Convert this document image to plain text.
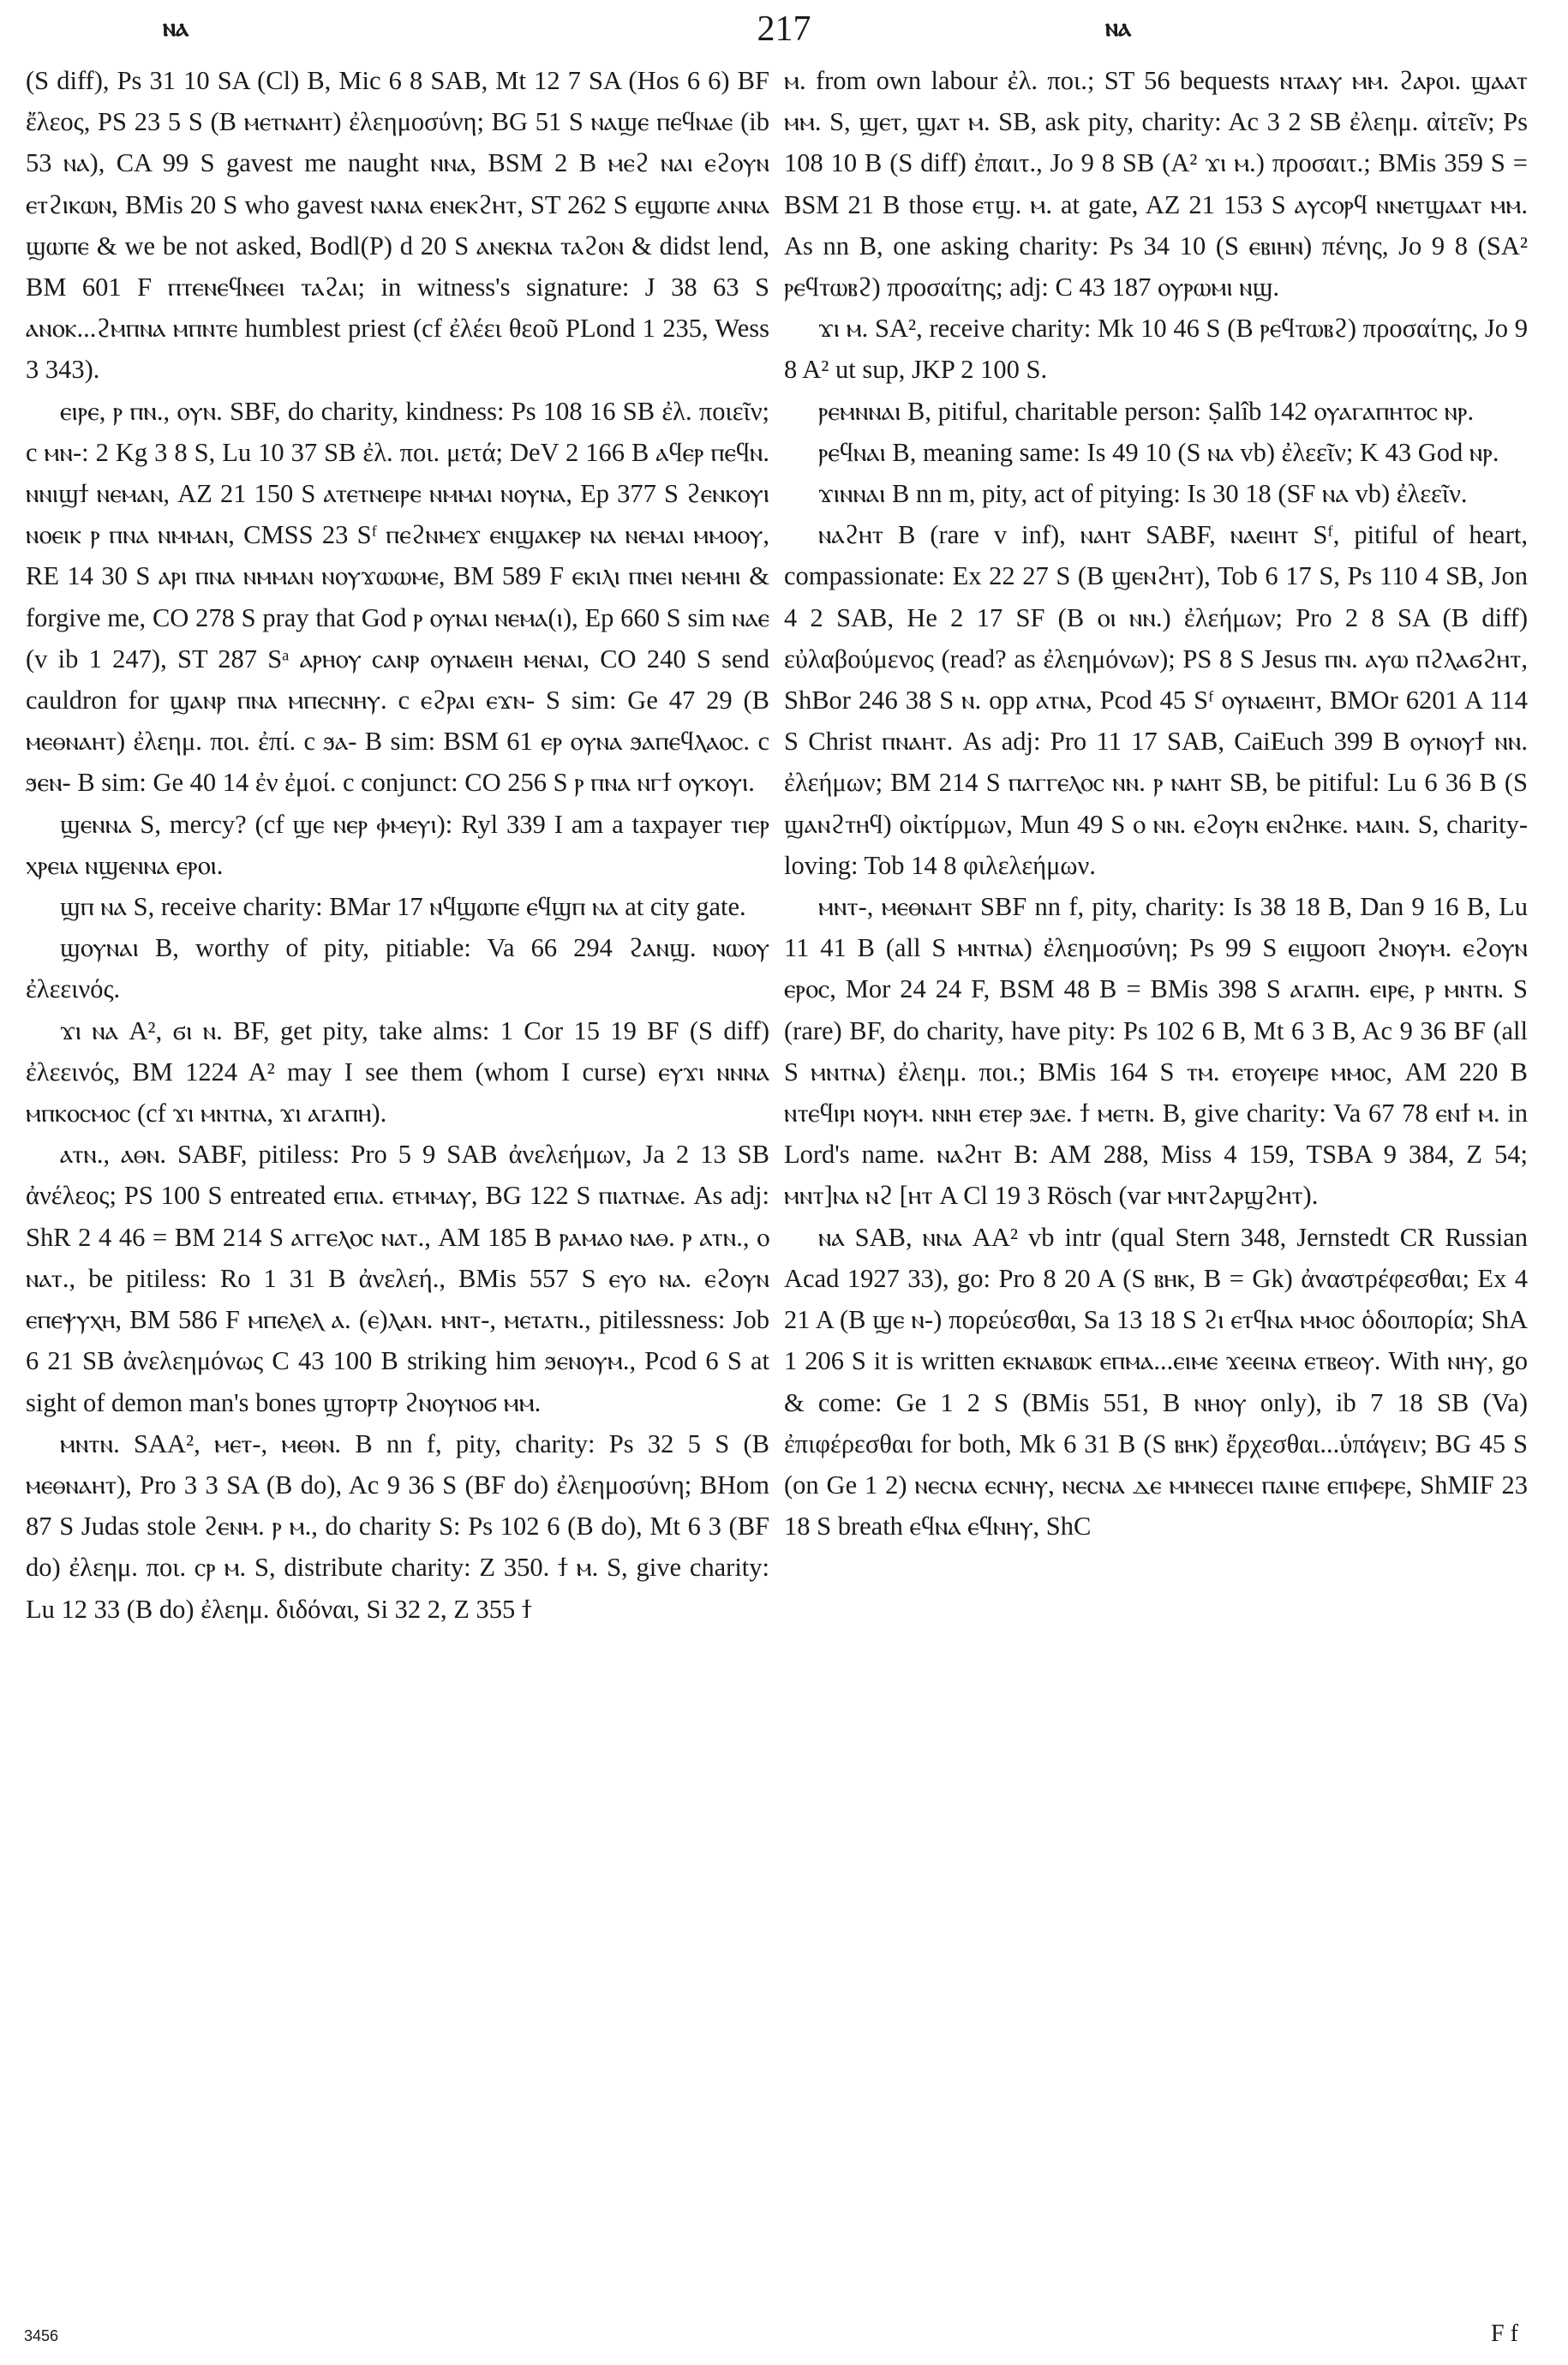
ⲛⲁ	217	ⲛⲁ

(S diff), Ps 31 10 SA (Cl) B, Mic 6 8 SAB, Mt 12 7 SA (Hos 6 6) BF ἔλεος, PS 23 5 S (B ⲙⲉⲧⲛⲁⲏⲧ) ἐλεημοσύνη; BG 51 S ⲛⲁϣⲉ ⲡⲉϥⲛⲁⲉ (ib 53 ⲛⲁ), CA 99 S gavest me naught ⲛⲛⲁ, BSM 2 B ⲙⲉϩ ⲛⲁⲓ ⲉϩⲟⲩⲛ ⲉⲧϩⲓⲕⲱⲛ, BMis 20 S who gavest ⲛⲁⲛⲁ ⲉⲛⲉⲕϩⲏⲧ, ST 262 S ⲉϣⲱⲡⲉ ⲁⲛⲛⲁ ϣⲱⲡⲉ & we be not asked, Bodl(P) d 20 S ⲁⲛⲉⲕⲛⲁ ⲧⲁϩⲟⲛ & didst lend, BM 601 F ⲡⲧⲉⲛⲉϥⲛⲉⲉⲓ ⲧⲁϩⲁⲓ; in witness's signature: J 38 63 S ⲁⲛⲟⲕ...ϩⲙⲡⲛⲁ ⲙⲡⲛⲧⲉ humblest priest (cf ἐλέει θεοῦ PLond 1 235, Wess 3 343).

ⲉⲓⲣⲉ, ⲣ ⲡⲛ., ⲟⲩⲛ. SBF, do charity, kindness: Ps 108 16 SB ἐλ. ποιεῖν; c ⲙⲛ-: 2 Kg 3 8 S, Lu 10 37 SB ἐλ. ποι. μετά; DeV 2 166 B ⲁϥⲉⲣ ⲡⲉϥⲛ. ⲛⲛⲓϣϯ ⲛⲉⲙⲁⲛ, AZ 21 150 S ⲁⲧⲉⲧⲛⲉⲓⲣⲉ ⲛⲙⲙⲁⲓ ⲛⲟⲩⲛⲁ, Ep 377 S ϩⲉⲛⲕⲟⲩⲓ ⲛⲟⲉⲓⲕ ⲣ ⲡⲛⲁ ⲛⲙⲙⲁⲛ, CMSS 23 Sᶠ ⲡⲉϩⲛⲙⲉϫ ⲉⲛϣⲁⲕⲉⲣ ⲛⲁ ⲛⲉⲙⲁⲓ ⲙⲙⲟⲟⲩ, RE 14 30 S ⲁⲣⲓ ⲡⲛⲁ ⲛⲙⲙⲁⲛ ⲛⲟⲩϫⲱⲱⲙⲉ, BM 589 F ⲉⲕⲓⲗⲓ ⲡⲛⲉⲓ ⲛⲉⲙⲏⲓ & forgive me, CO 278 S pray that God ⲣ ⲟⲩⲛⲁⲓ ⲛⲉⲙⲁ(ⲓ), Ep 660 S sim ⲛⲁⲉ (v ib 1 247), ST 287 Sᵃ ⲁⲣⲏⲟⲩ ⲥⲁⲛⲣ ⲟⲩⲛⲁⲉⲓⲏ ⲙⲉⲛⲁⲓ, CO 240 S send cauldron for ϣⲁⲛⲣ ⲡⲛⲁ ⲙⲡⲉⲥⲛⲏⲩ. c ⲉϩⲣⲁⲓ ⲉϫⲛ- S sim: Ge 47 29 (B ⲙⲉⲑⲛⲁⲏⲧ) ἐλεημ. ποι. ἐπί. c ϧⲁ- B sim: BSM 61 ⲉⲣ ⲟⲩⲛⲁ ϧⲁⲡⲉϥⲗⲁⲟⲥ. c ϧⲉⲛ- B sim: Ge 40 14 ἐν ἐμοί. c conjunct: CO 256 S ⲣ ⲡⲛⲁ ⲛⲅϯ ⲟⲩⲕⲟⲩⲓ.

ϣⲉⲛⲛⲁ S, mercy? (cf ϣⲉ ⲛⲉⲣ ⲫⲙⲉⲩⲓ): Ryl 339 I am a taxpayer ⲧⲓⲉⲣ ⲭⲣⲉⲓⲁ ⲛϣⲉⲛⲛⲁ ⲉⲣⲟⲓ.

ϣⲡ ⲛⲁ S, receive charity: BMar 17 ⲛϥϣⲱⲡⲉ ⲉϥϣⲡ ⲛⲁ at city gate.

ϣⲟⲩⲛⲁⲓ B, worthy of pity, pitiable: Va 66 294 ϩⲁⲛϣ. ⲛⲱⲟⲩ ἐλεεινός.

ϫⲓ ⲛⲁ A², ϭⲓ ⲛ. BF, get pity, take alms: 1 Cor 15 19 BF (S diff) ἐλεεινός, BM 1224 A² may I see them (whom I curse) ⲉⲩϫⲓ ⲛⲛⲛⲁ ⲙⲡⲕⲟⲥⲙⲟⲥ (cf ϫⲓ ⲙⲛⲧⲛⲁ, ϫⲓ ⲁⲅⲁⲡⲏ).

ⲁⲧⲛ., ⲁⲑⲛ. SABF, pitiless: Pro 5 9 SAB ἀνελεήμων, Ja 2 13 SB ἀνέλεος; PS 100 S entreated ⲉⲡⲓⲁ. ⲉⲧⲙⲙⲁⲩ, BG 122 S ⲡⲓⲁⲧⲛⲁⲉ. As adj: ShR 2 4 46 = BM 214 S ⲁⲅⲅⲉⲗⲟⲥ ⲛⲁⲧ., AM 185 B ⲣⲁⲙⲁⲟ ⲛⲁⲑ. ⲣ ⲁⲧⲛ., ⲟ ⲛⲁⲧ., be pitiless: Ro 1 31 B ἀνελεή., BMis 557 S ⲉⲩⲟ ⲛⲁ. ⲉϩⲟⲩⲛ ⲉⲡⲉⲯⲩⲭⲏ, BM 586 F ⲙⲡⲉⲗⲉⲗ ⲁ. (ⲉ)ⲗⲁⲛ. ⲙⲛⲧ-, ⲙⲉⲧⲁⲧⲛ., pitilessness: Job 6 21 SB ἀνελεημόνως C 43 100 B striking him ϧⲉⲛⲟⲩⲙ., Pcod 6 S at sight of demon man's bones ϣⲧⲟⲣⲧⲣ ϩⲛⲟⲩⲛⲟϭ ⲙⲙ.

ⲙⲛⲧⲛ. SAA², ⲙⲉⲧ-, ⲙⲉⲑⲛ. B nn f, pity, charity: Ps 32 5 S (B ⲙⲉⲑⲛⲁⲏⲧ), Pro 3 3 SA (B do), Ac 9 36 S (BF do) ἐλεημοσύνη; BHom 87 S Judas stole ϩⲉⲛⲙ. ⲣ ⲙ., do charity S: Ps 102 6 (B do), Mt 6 3 (BF do) ἐλεημ. ποι. ⲥⲣ ⲙ. S, distribute charity: Z 350. ϯ ⲙ. S, give charity: Lu 12 33 (B do) ἐλεημ. διδόναι, Si 32 2, Z 355 ϯ

ⲙ. from own labour ἐλ. ποι.; ST 56 bequests ⲛⲧⲁⲁⲩ ⲙⲙ. ϩⲁⲣⲟⲓ. ϣⲁⲁⲧ ⲙⲙ. S, ϣⲉⲧ, ϣⲁⲧ ⲙ. SB, ask pity, charity: Ac 3 2 SB ἐλεημ. αἰτεῖν; Ps 108 10 B (S diff) ἐπαιτ., Jo 9 8 SB (A² ϫⲓ ⲙ.) προσαιτ.; BMis 359 S = BSM 21 B those ⲉⲧϣ. ⲙ. at gate, AZ 21 153 S ⲁⲩⲥⲟⲣϥ ⲛⲛⲉⲧϣⲁⲁⲧ ⲙⲙ. As nn B, one asking charity: Ps 34 10 (S ⲉⲃⲓⲏⲛ) πένης, Jo 9 8 (SA² ⲣⲉϥⲧⲱⲃϩ) προσαίτης; adj: C 43 187 ⲟⲩⲣⲱⲙⲓ ⲛϣ.

ϫⲓ ⲙ. SA², receive charity: Mk 10 46 S (B ⲣⲉϥⲧⲱⲃϩ) προσαίτης, Jo 9 8 A² ut sup, JKP 2 100 S.

ⲣⲉⲙⲛⲛⲁⲓ B, pitiful, charitable person: Ṣalîb 142 ⲟⲩⲁⲅⲁⲡⲏⲧⲟⲥ ⲛⲣ.

ⲣⲉϥⲛⲁⲓ B, meaning same: Is 49 10 (S ⲛⲁ vb) ἐλεεῖν; K 43 God ⲛⲣ.

ϫⲓⲛⲛⲁⲓ B nn m, pity, act of pitying: Is 30 18 (SF ⲛⲁ vb) ἐλεεῖν.

ⲛⲁϩⲏⲧ B (rare v inf), ⲛⲁⲏⲧ SABF, ⲛⲁⲉⲓⲏⲧ Sᶠ, pitiful of heart, compassionate: Ex 22 27 S (B ϣⲉⲛϩⲏⲧ), Tob 6 17 S, Ps 110 4 SB, Jon 4 2 SAB, He 2 17 SF (B ⲟⲓ ⲛⲛ.) ἐλεήμων; Pro 2 8 SA (B diff) εὐλαβούμενος (read? as ἐλεημόνων); PS 8 S Jesus ⲡⲛ. ⲁⲩⲱ ⲡϩⲗⲁϭϩⲏⲧ, ShBor 246 38 S ⲛ. opp ⲁⲧⲛⲁ, Pcod 45 Sᶠ ⲟⲩⲛⲁⲉⲓⲏⲧ, BMOr 6201 A 114 S Christ ⲡⲛⲁⲏⲧ. As adj: Pro 11 17 SAB, CaiEuch 399 B ⲟⲩⲛⲟⲩϯ ⲛⲛ. ἐλεήμων; BM 214 S ⲡⲁⲅⲅⲉⲗⲟⲥ ⲛⲛ. ⲣ ⲛⲁⲏⲧ SB, be pitiful: Lu 6 36 B (S ϣⲁⲛϩⲧⲏϥ) οἰκτίρμων, Mun 49 S ⲟ ⲛⲛ. ⲉϩⲟⲩⲛ ⲉⲛϩⲏⲕⲉ. ⲙⲁⲓⲛ. S, charity-loving: Tob 14 8 φιλελεήμων.

ⲙⲛⲧ-, ⲙⲉⲑⲛⲁⲏⲧ SBF nn f, pity, charity: Is 38 18 B, Dan 9 16 B, Lu 11 41 B (all S ⲙⲛⲧⲛⲁ) ἐλεημοσύνη; Ps 99 S ⲉⲓϣⲟⲟⲡ ϩⲛⲟⲩⲙ. ⲉϩⲟⲩⲛ ⲉⲣⲟⲥ, Mor 24 24 F, BSM 48 B = BMis 398 S ⲁⲅⲁⲡⲏ. ⲉⲓⲣⲉ, ⲣ ⲙⲛⲧⲛ. S (rare) BF, do charity, have pity: Ps 102 6 B, Mt 6 3 B, Ac 9 36 BF (all S ⲙⲛⲧⲛⲁ) ἐλεημ. ποι.; BMis 164 S ⲧⲙ. ⲉⲧⲟⲩⲉⲓⲣⲉ ⲙⲙⲟⲥ, AM 220 B ⲛⲧⲉϥⲓⲣⲓ ⲛⲟⲩⲙ. ⲛⲛⲏ ⲉⲧⲉⲣ ϧⲁⲉ. ϯ ⲙⲉⲧⲛ. B, give charity: Va 67 78 ⲉⲛϯ ⲙ. in Lord's name. ⲛⲁϩⲏⲧ B: AM 288, Miss 4 159, TSBA 9 384, Z 54; ⲙⲛⲧ]ⲛⲁ ⲛϩ [ⲏⲧ A Cl 19 3 Rösch (var ⲙⲛⲧϩⲁⲣϣϩⲏⲧ).

ⲛⲁ SAB, ⲛⲛⲁ AA² vb intr (qual Stern 348, Jernstedt CR Russian Acad 1927 33), go: Pro 8 20 A (S ⲃⲏⲕ, B = Gk) ἀναστρέφεσθαι; Ex 4 21 A (B ϣⲉ ⲛ-) πορεύεσθαι, Sa 13 18 S ϩⲓ ⲉⲧϥⲛⲁ ⲙⲙⲟⲥ ὁδοιπορία; ShA 1 206 S it is written ⲉⲕⲛⲁⲃⲱⲕ ⲉⲡⲙⲁ...ⲉⲓⲙⲉ ϫⲉⲉⲓⲛⲁ ⲉⲧⲃⲉⲟⲩ. With ⲛⲏⲩ, go & come: Ge 1 2 S (BMis 551, B ⲛⲏⲟⲩ only), ib 7 18 SB (Va) ἐπιφέρεσθαι for both, Mk 6 31 B (S ⲃⲏⲕ) ἔρχεσθαι...ὑπάγειν; BG 45 S (on Ge 1 2) ⲛⲉⲥⲛⲁ ⲉⲥⲛⲏⲩ, ⲛⲉⲥⲛⲁ ⲇⲉ ⲙⲙⲛⲉⲥⲉⲓ ⲡⲁⲓⲛⲉ ⲉⲡⲓⲫⲉⲣⲉ, ShMIF 23 18 S breath ⲉϥⲛⲁ ⲉϥⲛⲏⲩ, ShC

3456	F f
